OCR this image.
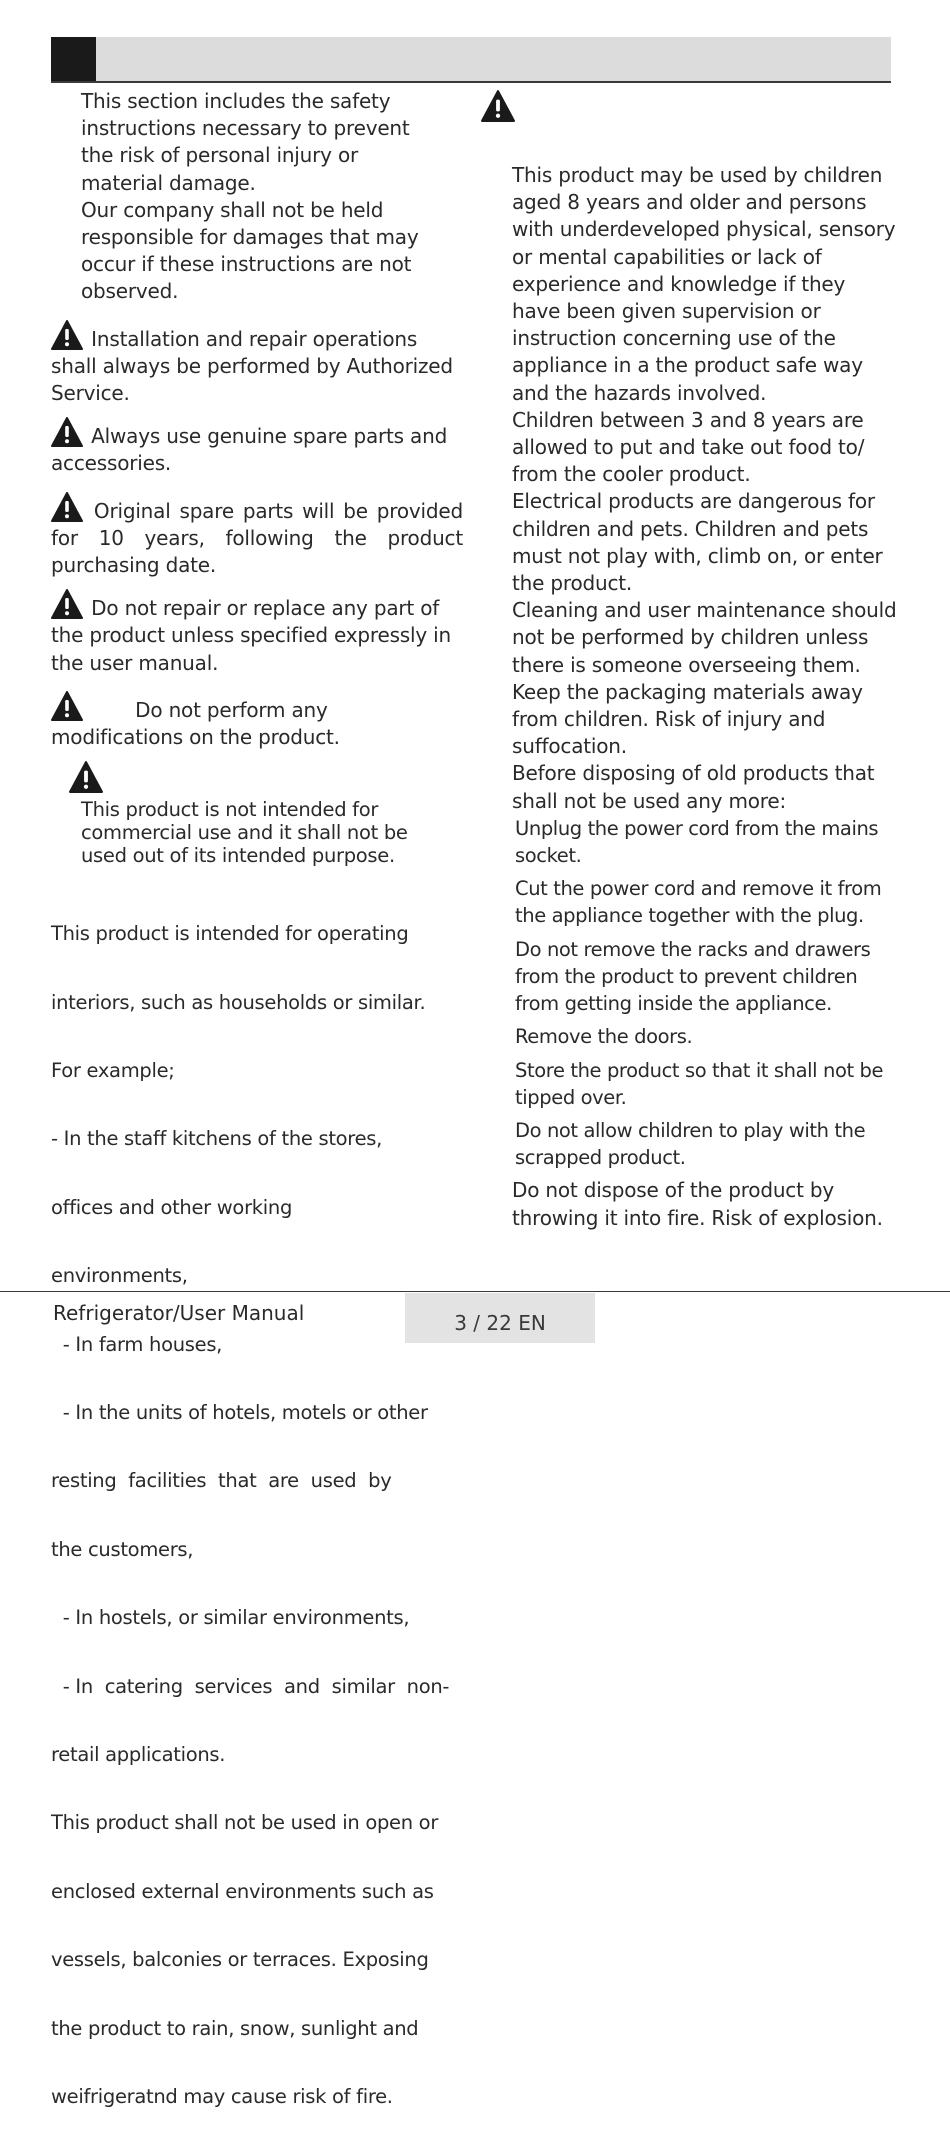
This section includes the safety instructions necessary to prevent the risk of personal injury or material damage.

Our company shall not be held responsible for damages that may occur if these instructions are not observed.

Installation and repair operations shall always be performed by Authorized Service.

Always use genuine spare parts and accessories.

Original spare parts will be provided for 10 years, following the product purchasing date.

Do not repair or replace any part of the product unless specified expressly in the user manual.

Do not perform any modifications on the product.

This product is not intended for commercial use and it shall not be used out of its intended purpose.

This product is intended for operating

interiors, such as households or similar.

For example;

- In the staff kitchens of the stores,

offices and other working

environments,

- In farm houses,

- In the units of hotels, motels or other

resting  facilities  that  are  used  by

the customers,

- In hostels, or similar environments,

- In  catering  services  and  similar  non-

retail applications.

This product shall not be used in open or

enclosed external environments such as

vessels, balconies or terraces. Exposing

the product to rain, snow, sunlight and

weifrigeratnd may cause risk of fire.

This product may be used by children aged 8 years and older and persons with underdeveloped physical, sensory or mental capabilities or lack of experience and knowledge if they have been given supervision or instruction concerning use of the appliance in a the product safe way and the hazards involved.

Children between 3 and 8 years are allowed to put and take out food to/ from the cooler product.

Electrical products are dangerous for children and pets. Children and pets must not play with, climb on, or enter the product.

Cleaning and user maintenance should not be performed by children unless there is someone overseeing them.

Keep the packaging materials away from children. Risk of injury and suffocation.

Before disposing of old products that shall not be used any more:

Unplug the power cord from the mains socket.

Cut the power cord and remove it from the appliance together with the plug.

Do not remove the racks and drawers from the product to prevent children from getting inside the appliance.

Remove the doors.

Store the product so that it shall not be tipped over.

Do not allow children to play with the scrapped product.

Do not dispose of the product by throwing it into fire. Risk of explosion.

Refrigerator/User Manual	3 / 22 EN
